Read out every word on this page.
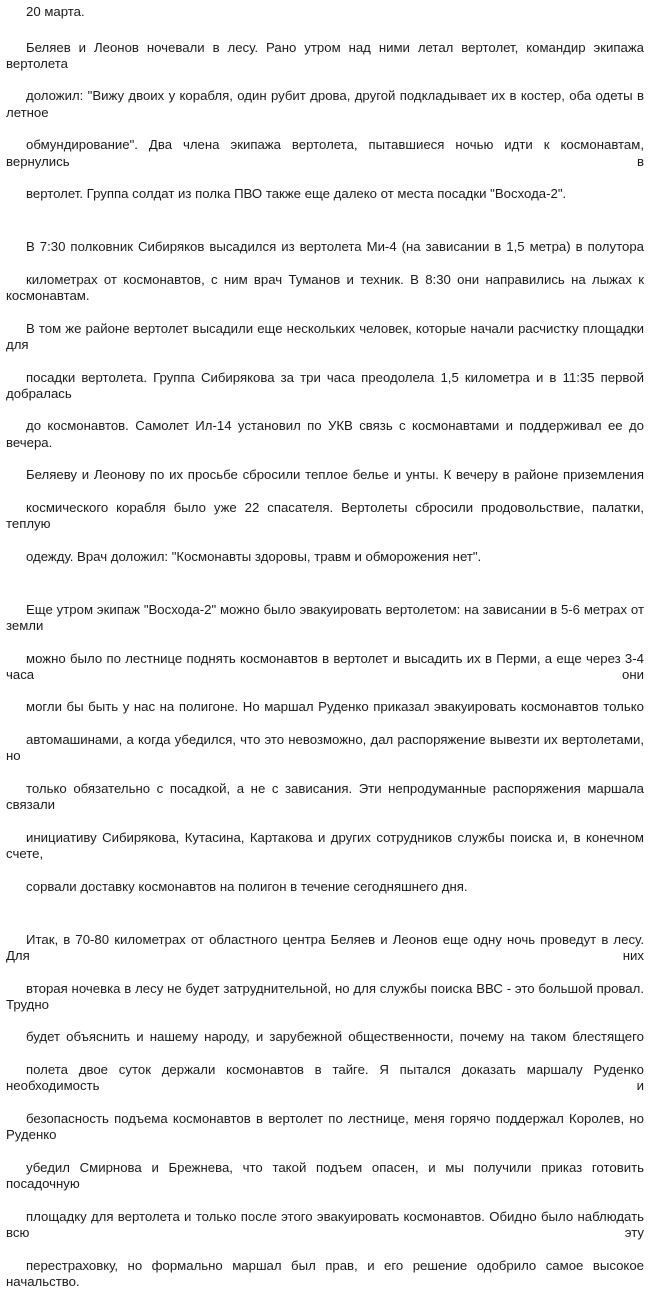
20 марта.

Беляев и Леонов ночевали в лесу. Рано утром над ними летал вертолет, командир экипажа вертолета

доложил: "Вижу двоих у корабля, один рубит дрова, другой подкладывает их в костер, оба одеты в летное

обмундирование". Два члена экипажа вертолета, пытавшиеся ночью идти к космонавтам, вернулись в

вертолет. Группа солдат из полка ПВО также еще далеко от места посадки "Восхода-2".

В 7:30 полковник Сибиряков высадился из вертолета Ми-4 (на зависании в 1,5 метра) в полутора

километрах от космонавтов, с ним врач Туманов и техник. В 8:30 они направились на лыжах к космонавтам.

В том же районе вертолет высадили еще нескольких человек, которые начали расчистку площадки для

посадки вертолета. Группа Сибирякова за три часа преодолела 1,5 километра и в 11:35 первой добралась

до космонавтов. Самолет Ил-14 установил по УКВ связь с космонавтами и поддерживал ее до вечера.

Беляеву и Леонову по их просьбе сбросили теплое белье и унты. К вечеру в районе приземления

космического корабля было уже 22 спасателя. Вертолеты сбросили продовольствие, палатки, теплую

одежду. Врач доложил: "Космонавты здоровы, травм и обморожения нет".

Еще утром экипаж "Восхода-2" можно было эвакуировать вертолетом: на зависании в 5-6 метрах от земли

можно было по лестнице поднять космонавтов в вертолет и высадить их в Перми, а еще через 3-4 часа они

могли бы быть у нас на полигоне. Но маршал Руденко приказал эвакуировать космонавтов только

автомашинами, а когда убедился, что это невозможно, дал распоряжение вывезти их вертолетами, но

только обязательно с посадкой, а не с зависания. Эти непродуманные распоряжения маршала связали

инициативу Сибирякова, Кутасина, Картакова и других сотрудников службы поиска и, в конечном счете,

сорвали доставку космонавтов на полигон в течение сегодняшнего дня.

Итак, в 70-80 километрах от областного центра Беляев и Леонов еще одну ночь проведут в лесу. Для них

вторая ночевка в лесу не будет затруднительной, но для службы поиска ВВС - это большой провал. Трудно

будет объяснить и нашему народу, и зарубежной общественности, почему на таком блестящего

полета двое суток держали космонавтов в тайге. Я пытался доказать маршалу Руденко необходимость и

безопасность подъема космонавтов в вертолет по лестнице, меня горячо поддержал Королев, но Руденко

убедил Смирнова и Брежнева, что такой подъем опасен, и мы получили приказ готовить посадочную

площадку для вертолета и только после этого эвакуировать космонавтов. Обидно было наблюдать всю эту

перестраховку, но формально маршал был прав, и его решение одобрило самое высокое начальство.
